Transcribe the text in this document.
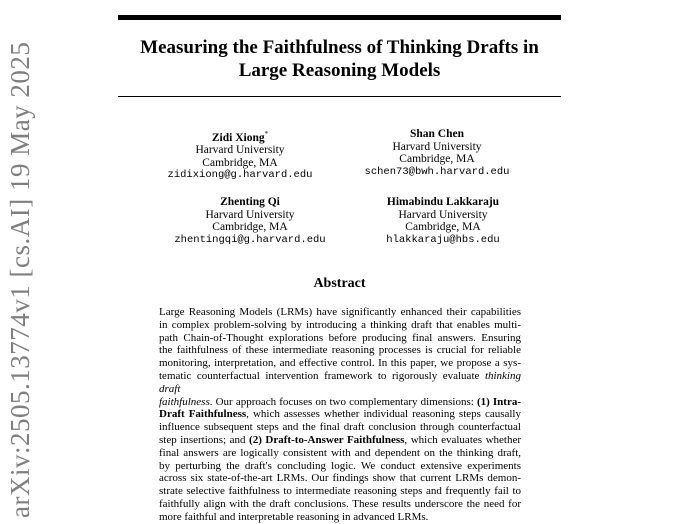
Measuring the Faithfulness of Thinking Drafts in
Large Reasoning Models
Zidi Xiong*
Harvard University
Cambridge, MA
zidixiong@g.harvard.edu
Shan Chen
Harvard University
Cambridge, MA
schen73@bwh.harvard.edu
Zhenting Qi
Harvard University
Cambridge, MA
zhentingqi@g.harvard.edu
Himabindu Lakkaraju
Harvard University
Cambridge, MA
hlakkaraju@hbs.edu
Abstract
Large Reasoning Models (LRMs) have significantly enhanced their capabilities
in complex problem-solving by introducing a thinking draft that enables multi-
path Chain-of-Thought explorations before producing final answers. Ensuring
the faithfulness of these intermediate reasoning processes is crucial for reliable
monitoring, interpretation, and effective control. In this paper, we propose a sys-
tematic counterfactual intervention framework to rigorously evaluate thinking draft
faithfulness. Our approach focuses on two complementary dimensions: (1) Intra-
Draft Faithfulness, which assesses whether individual reasoning steps causally
influence subsequent steps and the final draft conclusion through counterfactual
step insertions; and (2) Draft-to-Answer Faithfulness, which evaluates whether
final answers are logically consistent with and dependent on the thinking draft,
by perturbing the draft's concluding logic. We conduct extensive experiments
across six state-of-the-art LRMs. Our findings show that current LRMs demon-
strate selective faithfulness to intermediate reasoning steps and frequently fail to
faithfully align with the draft conclusions. These results underscore the need for
more faithful and interpretable reasoning in advanced LRMs.
arXiv:2505.13774v1 [cs.AI] 19 May 2025
